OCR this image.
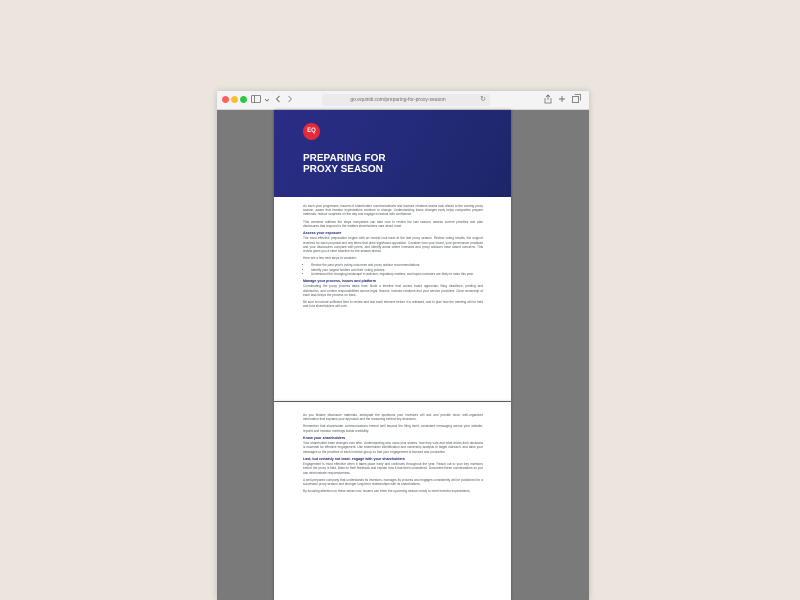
go.equiniti.com/preparing-for-proxy-season	↻
EQ
PREPARING FOR
PROXY SEASON

As each year progresses, issuers of shareholder communications and investor relations teams look ahead to the coming proxy season, aware that investor expectations continue to change. Understanding those changes early helps companies prepare materials, reduce surprises on the day and engage investors with confidence.

This overview outlines the steps companies can take now to review the last season, assess current priorities and plan disclosures that respond to the matters shareholders care about most.

Assess your exposure

The most effective preparation begins with an honest look back at the last proxy season. Review voting results, the support received for each proposal and any items that drew significant opposition. Consider how your board, your governance practices and your disclosures compare with peers, and identify areas where investors and proxy advisors have raised concerns. This review gives you a clear baseline for the season ahead.

Here are a few next steps to consider:

• Review the past year's voting outcomes and proxy advisor recommendations.
• Identify your largest holders and their voting policies.
• Understand the changing landscape in activism, regulatory matters, and topics investors are likely to raise this year.
Manage your process, issues and platform

Coordinating the proxy process takes time. Build a timeline that covers board approvals, filing deadlines, printing and distribution, and confirm responsibilities across legal, finance, investor relations and your service providers. Clear ownership of each task keeps the process on track.

Be sure to include sufficient time to review and test each element before it is released, and to plan how the meeting will be held and how shareholders will vote.

As you finalize disclosure materials, anticipate the questions your investors will ask and provide clear, well-organized information that explains your approach and the reasoning behind key decisions.

Remember that shareholder communications extend well beyond the filing itself; consistent messaging across your website, reports and investor meetings builds credibility.

Know your shareholders

Your shareholder base changes over time. Understanding who owns your shares, how they vote and what drives their decisions is essential for effective engagement. Use shareholder identification and ownership analysis to target outreach, and tailor your messages to the priorities of each investor group so that your engagement is focused and productive.

Last, but certainly not least: engage with your shareholders

Engagement is most effective when it takes place early and continues throughout the year. Reach out to your key investors before the proxy is filed, listen to their feedback and explain how it has been considered. Document these conversations so you can demonstrate responsiveness.

A well-prepared company that understands its investors, manages its process and engages consistently will be positioned for a successful proxy season and stronger long-term relationships with its shareholders.

By focusing attention on these areas now, issuers can enter the upcoming season ready to meet investor expectations.
